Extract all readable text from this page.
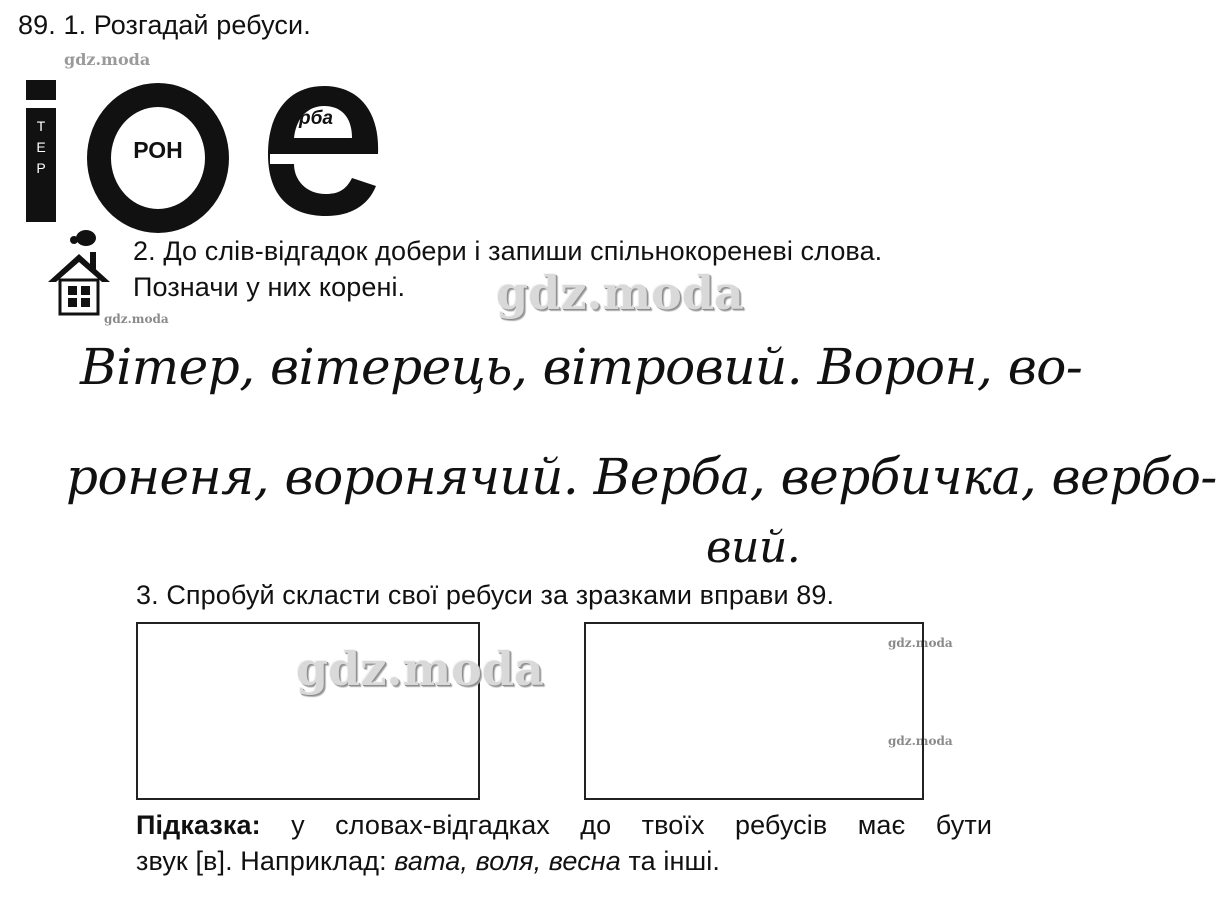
gdz.moda
gdz.moda
gdz.moda
gdz.moda
89. 1. Розгадай ребуси.
Т
Е
Р
РОН
рба
2. До слів-відгадок добери і запиши спільнокореневі слова.
Позначи у них корені. gdz.moda
Вітер, вітерець, вітровий. Ворон, во-
роненя, воронячий. Верба, вербичка, вербо-
вий.
3. Спробуй скласти свої ребуси за зразками вправи 89.
gdz.moda
Підказка: у словах-відгадках до твоїх ребусів має бути
звук [в]. Наприклад: вата, воля, весна та інші.
